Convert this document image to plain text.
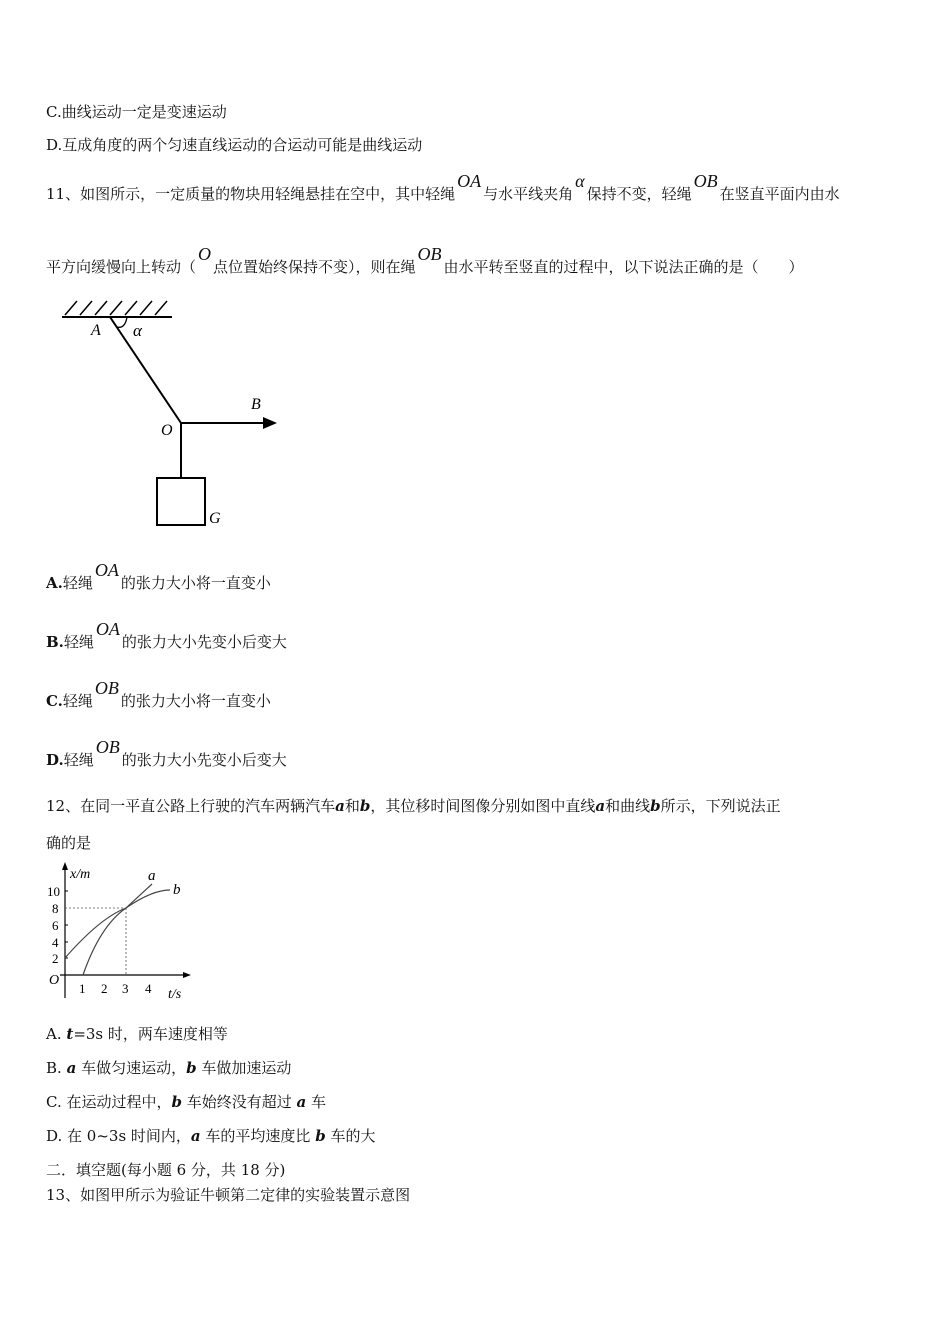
C.曲线运动一定是变速运动
D.互成角度的两个匀速直线运动的合运动可能是曲线运动
11、如图所示，一定质量的物块用轻绳悬挂在空中，其中轻绳OA与水平线夹角α保持不变，轻绳OB在竖直平面内由水
平方向缓慢向上转动（O点位置始终保持不变），则在绳OB由水平转至竖直的过程中，以下说法正确的是（　　）
A α
O
B
G
A.轻绳OA的张力大小将一直变小
B.轻绳OA的张力大小先变小后变大
C.轻绳OB的张力大小将一直变小
D.轻绳OB的张力大小先变小后变大
12、在同一平直公路上行驶的汽车两辆汽车a和b，其位移时间图像分别如图中直线a和曲线b所示，下列说法正
确的是
x/m
t/s
O
10
8
6
4
2
1 2 3 4
a
b
A. t=3s 时，两车速度相等
B. a 车做匀速运动，b 车做加速运动
C. 在运动过程中，b 车始终没有超过 a 车
D. 在 0~3s 时间内，a 车的平均速度比 b 车的大
二．填空题(每小题 6 分，共 18 分)
13、如图甲所示为验证牛顿第二定律的实验装置示意图
